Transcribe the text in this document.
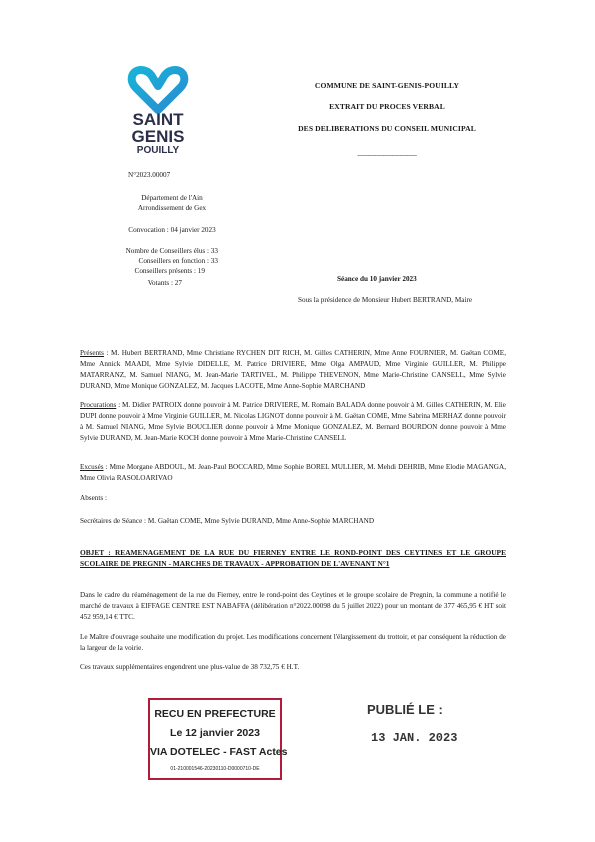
SAINT
GENIS
POUILLY
COMMUNE DE SAINT-GENIS-POUILLY
EXTRAIT DU PROCES VERBAL
DES DELIBERATIONS DU CONSEIL MUNICIPAL
-----------------------------------
N°2023.00007
Département de l'Ain
Arrondissement de Gex
Convocation : 04 janvier 2023
Nombre de Conseillers élus : 33
Conseillers en fonction : 33
Conseillers présents : 19
Votants : 27	Séance du 10 janvier 2023
Sous la présidence de Monsieur Hubert BERTRAND, Maire
Présents : M. Hubert BERTRAND, Mme Christiane RYCHEN DIT RICH, M. Gilles CATHERIN, Mme Anne FOURNIER, M. Gaëtan COME, Mme Annick MAADI, Mme Sylvie DIDELLE, M. Patrice DRIVIERE, Mme Olga AMPAUD, Mme Virginie GUILLER, M. Philippe MATARRANZ, M. Samuel NIANG, M. Jean-Marie TARTIVEL, M. Philippe THEVENON, Mme Marie-Christine CANSELL, Mme Sylvie DURAND, Mme Monique GONZALEZ, M. Jacques LACOTE, Mme Anne-Sophie MARCHAND
Procurations : M. Didier PATROIX donne pouvoir à M. Patrice DRIVIERE, M. Romain BALADA donne pouvoir à M. Gilles CATHERIN, M. Elie DUPI donne pouvoir à Mme Virginie GUILLER, M. Nicolas LIGNOT donne pouvoir à M. Gaëtan COME, Mme Sabrina MERHAZ donne pouvoir à M. Samuel NIANG, Mme Sylvie BOUCLIER donne pouvoir à Mme Monique GONZALEZ, M. Bernard BOURDON donne pouvoir à Mme Sylvie DURAND, M. Jean-Marie KOCH donne pouvoir à Mme Marie-Christine CANSELL
Excusés : Mme Morgane ABDOUL, M. Jean-Paul BOCCARD, Mme Sophie BOREL MULLIER, M. Mehdi DEHRIB, Mme Elodie MAGANGA, Mme Olivia RASOLOARIVAO
Absents :
Secrétaires de Séance : M. Gaëtan COME, Mme Sylvie DURAND, Mme Anne-Sophie MARCHAND
OBJET : REAMENAGEMENT DE LA RUE DU FIERNEY ENTRE LE ROND-POINT DES CEYTINES ET LE GROUPE SCOLAIRE DE PREGNIN - MARCHES DE TRAVAUX - APPROBATION DE L'AVENANT N°1
Dans le cadre du réaménagement de la rue du Fierney, entre le rond-point des Ceytines et le groupe scolaire de Pregnin, la commune a notifié le marché de travaux à EIFFAGE CENTRE EST NABAFFA (délibération n°2022.00098 du 5 juillet 2022) pour un montant de 377 465,95 € HT soit 452 959,14 € TTC.
Le Maître d'ouvrage souhaite une modification du projet. Les modifications concernent l'élargissement du trottoir, et par conséquent la réduction de la largeur de la voirie.
Ces travaux supplémentaires engendrent une plus-value de 38 732,75 € H.T.
RECU EN PREFECTURE
Le 12 janvier 2023
VIA DOTELEC - FAST Actes
01-210001546-20230110-D0000710-DE
PUBLIÉ LE :
13 JAN. 2023
